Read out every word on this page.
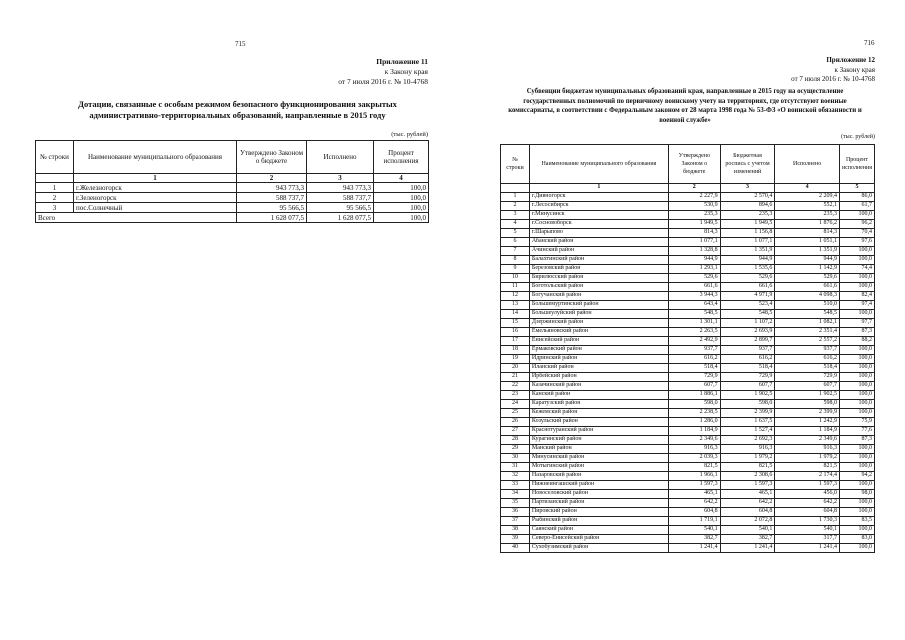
715
Приложение 11
к Закону края
от 7 июля 2016 г. № 10-4768
Дотации, связанные с особым режимом безопасного функционирования закрытых административно-территориальных образований, направленные в 2015 году
(тыс. рублей)
№ строки	Наименование муниципального образования	Утверждено Законом о бюджете	Исполнено	Процент исполнения
	1	2	3	4
1	г.Железногорск	943 773,3	943 773,3	100,0
2	г.Зеленогорск	588 737,7	588 737,7	100,0
3	пос.Солнечный	95 566,5	95 566,5	100,0
Всего		1 628 077,5	1 628 077,5	100,0
716
Приложение 12
к Закону края
от 7 июля 2016 г. № 10-4768
Субвенции бюджетам муниципальных образований края, направленные в 2015 году на осуществление государственных полномочий по первичному воинскому учету на территориях, где отсутствуют военные комиссариаты, в соответствии с Федеральным законом от 28 марта 1998 года № 53-ФЗ «О воинской обязанности и военной службе»
(тыс. рублей)
№ строки	Наименование муниципального образования	Утверждено Законом о бюджете	Бюджетная роспись с учетом изменений	Исполнено	Процент исполнения
	1	2	3	4	5
1	г.Дивногорск	2 227,9	2 570,4	2 209,4	86,0
2	г.Лесосибирск	530,9	894,6	552,1	61,7
3	г.Минусинск	235,3	235,3	235,3	100,0
4	г.Сосновоборск	1 949,5	1 949,5	1 876,2	96,2
5	г.Шарыпово	814,3	1 156,8	814,3	70,4
6	Абанский район	1 077,1	1 077,1	1 051,1	97,6
7	Ачинский район	1 328,8	1 351,9	1 351,9	100,0
8	Балахтинский район	944,9	944,9	944,9	100,0
9	Березовский район	1 293,1	1 535,6	1 142,9	74,4
10	Бирилюсский район	529,6	529,6	529,6	100,0
11	Боготольский район	661,6	661,6	661,6	100,0
12	Богучанский район	3 944,3	4 971,9	4 098,3	82,4
13	Большемуртинский район	643,4	523,4	510,0	97,4
14	Большеулуйский район	548,5	548,5	548,5	100,0
15	Дзержинский район	1 301,1	1 107,2	1 082,1	97,7
16	Емельяновский район	2 263,5	2 693,9	2 351,4	87,3
17	Енисейский район	2 492,9	2 899,7	2 557,2	88,2
18	Ермаковский район	937,7	937,7	937,7	100,0
19	Идринский район	616,2	616,2	616,2	100,0
20	Иланский район	518,4	518,4	518,4	100,0
21	Ирбейский район	729,9	729,9	729,9	100,0
22	Казачинский район	607,7	607,7	607,7	100,0
23	Канский район	1 886,1	1 902,5	1 902,5	100,0
24	Каратузский район	598,0	598,0	598,0	100,0
25	Кежемский район	2 238,5	2 399,9	2 399,9	100,0
26	Козульский район	1 286,0	1 637,5	1 242,9	75,9
27	Краснотуранский район	1 184,9	1 527,4	1 184,9	77,6
28	Курагинский район	2 349,6	2 692,3	2 349,6	87,3
29	Манский район	916,3	916,3	916,3	100,0
30	Минусинский район	2 039,3	1 979,2	1 979,2	100,0
31	Мотыгинский район	821,5	821,5	821,5	100,0
32	Назаровский район	1 966,1	2 308,6	2 174,4	94,2
33	Нижнеингашский район	1 597,3	1 597,3	1 597,3	100,0
34	Новоселовский район	465,1	465,1	456,0	98,0
35	Партизанский район	642,2	642,2	642,2	100,0
36	Пировский район	604,8	604,8	604,8	100,0
37	Рыбинский район	1 719,1	2 072,8	1 730,3	83,5
38	Саянский район	540,1	540,1	540,1	100,0
39	Северо-Енисейский район	382,7	382,7	317,7	83,0
40	Сухобузимский район	1 241,4	1 241,4	1 241,4	100,0
